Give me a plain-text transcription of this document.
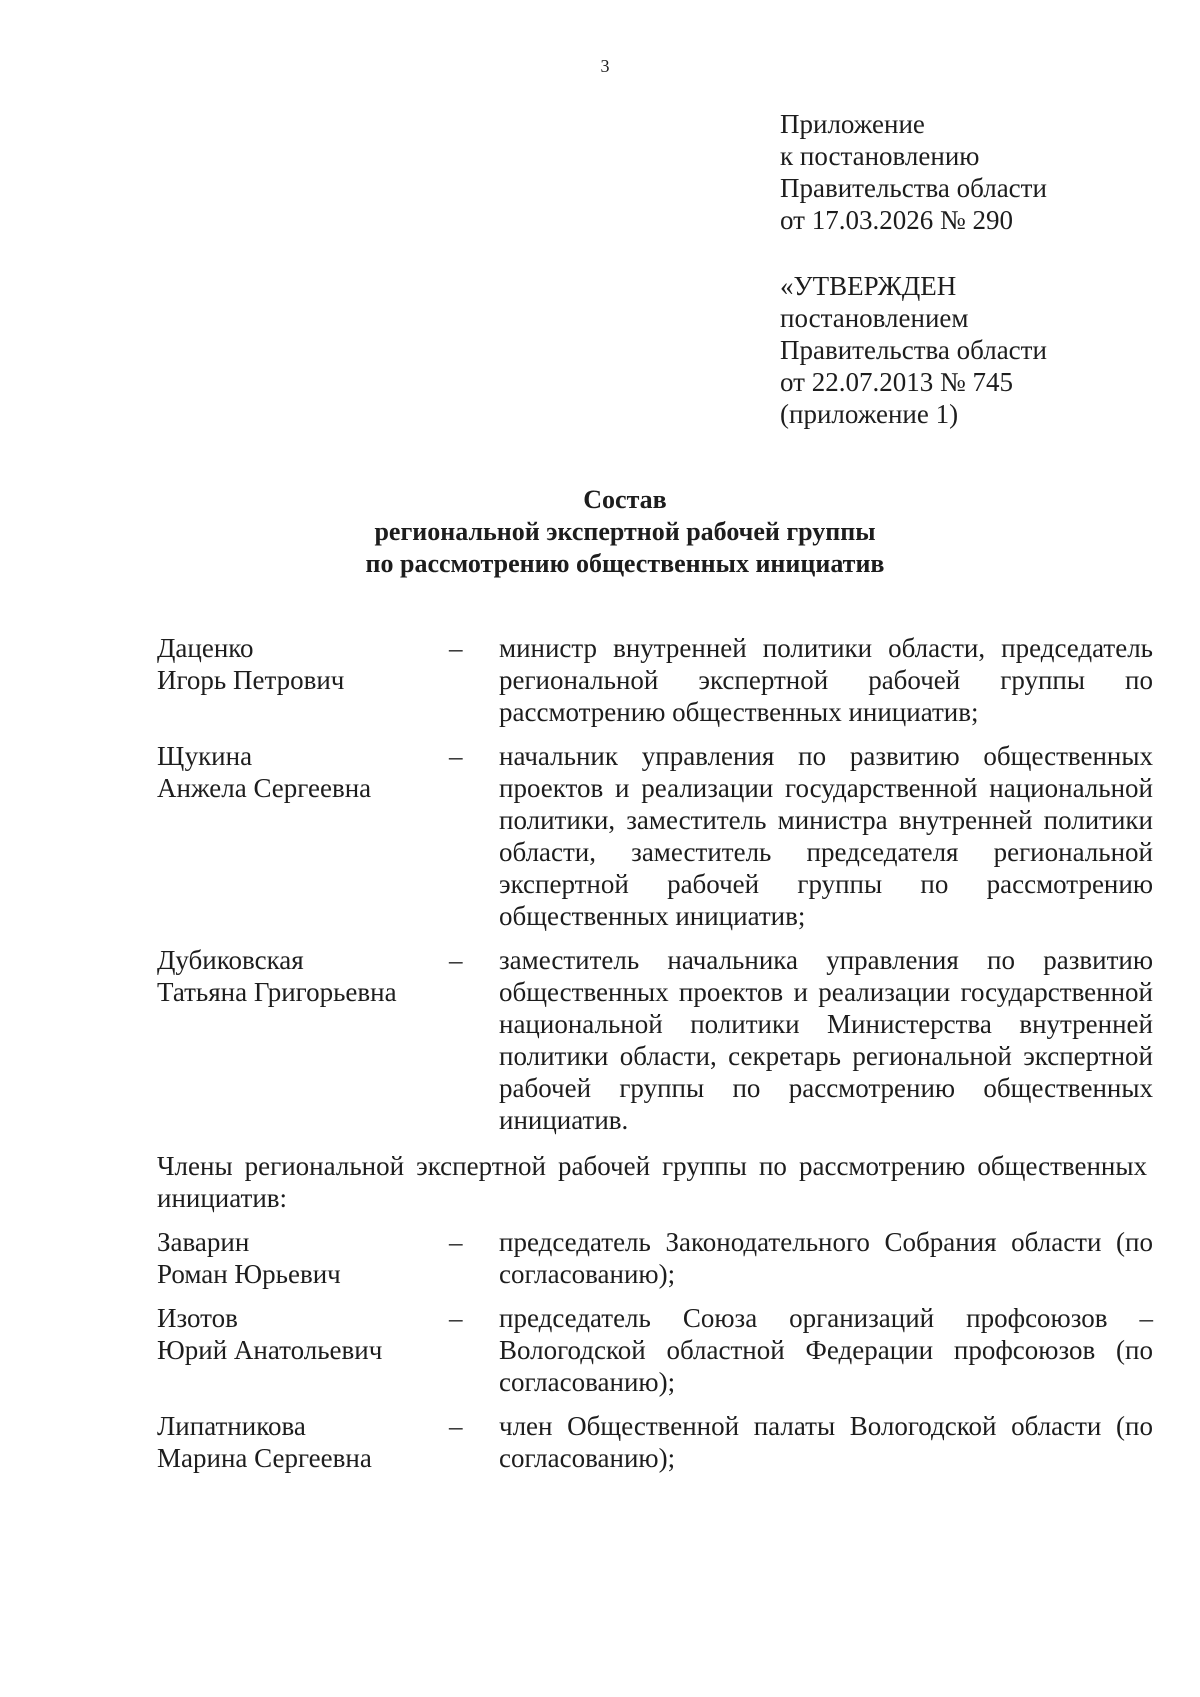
3
Приложение
к постановлению
Правительства области
от 17.03.2026 № 290
«УТВЕРЖДЕН
постановлением
Правительства области
от 22.07.2013 № 745
(приложение 1)
Состав
региональной экспертной рабочей группы
по рассмотрению общественных инициатив
Даценко
Игорь Петрович
–	министр внутренней политики области, председатель региональной экспертной рабочей группы по рассмотрению общественных инициатив;
Щукина
Анжела Сергеевна
–	начальник управления по развитию общественных проектов и реализации государственной национальной политики, заместитель министра внутренней политики области, заместитель председателя региональной экспертной рабочей группы по рассмотрению общественных инициатив;
Дубиковская
Татьяна Григорьевна
–	заместитель начальника управления по развитию общественных проектов и реализации государственной национальной политики Министерства внутренней политики области, секретарь региональной экспертной рабочей группы по рассмотрению общественных инициатив.
Члены региональной экспертной рабочей группы по рассмотрению общественных инициатив:
Заварин
Роман Юрьевич
–	председатель Законодательного Собрания области (по согласованию);
Изотов
Юрий Анатольевич
–	председатель Союза организаций профсоюзов – Вологодской областной Федерации профсоюзов (по согласованию);
Липатникова
Марина Сергеевна
–	член Общественной палаты Вологодской области (по согласованию);
